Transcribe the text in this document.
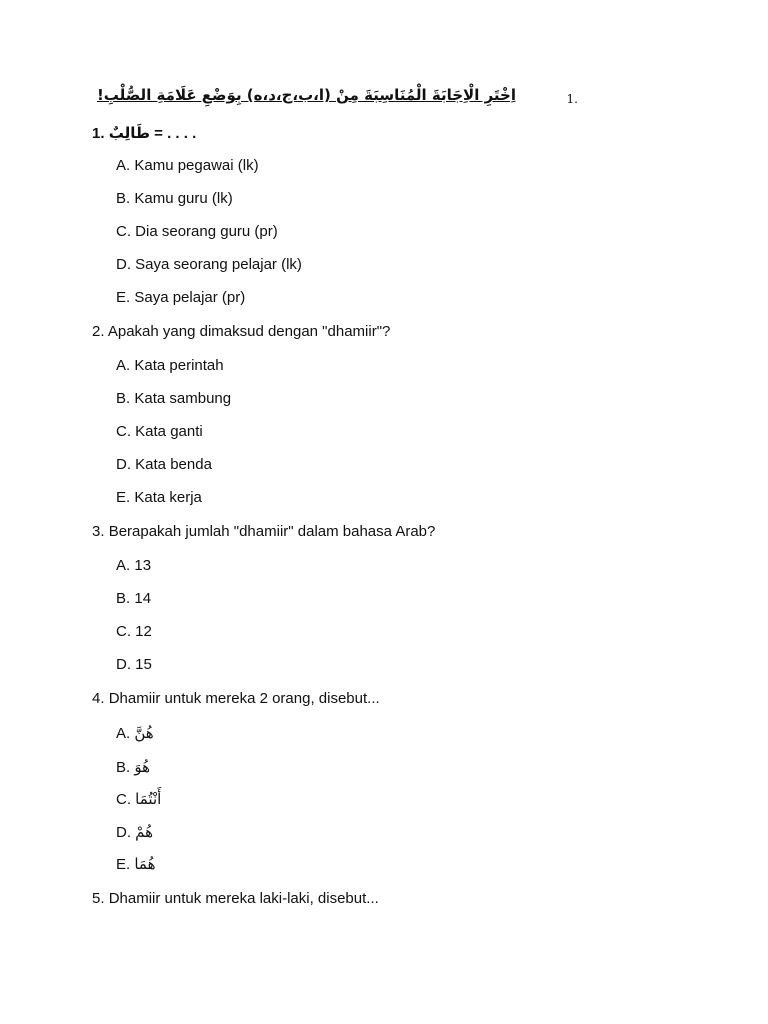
اِخْتَرِ الْاِجَابَةَ الْمُنَاسِبَةَ مِنْ (ا،ب،ج،د،ه) بِوَضْعِ عَلَامَةِ الصُّلْبِ!	.1
1. طَالِبٌ = . . . .
A. Kamu pegawai (lk)
B. Kamu guru (lk)
C. Dia seorang guru (pr)
D. Saya seorang pelajar (lk)
E. Saya pelajar (pr)
2. Apakah yang dimaksud dengan "dhamiir"?
A. Kata perintah
B. Kata sambung
C. Kata ganti
D. Kata benda
E. Kata kerja
3. Berapakah jumlah "dhamiir" dalam bahasa Arab?
A. 13
B. 14
C. 12
D. 15
4. Dhamiir untuk mereka 2 orang, disebut...
A. هُنَّ
B. هُوَ
C. أَنْتُمَا
D. هُمْ
E. هُمَا
5. Dhamiir untuk mereka laki-laki, disebut...
